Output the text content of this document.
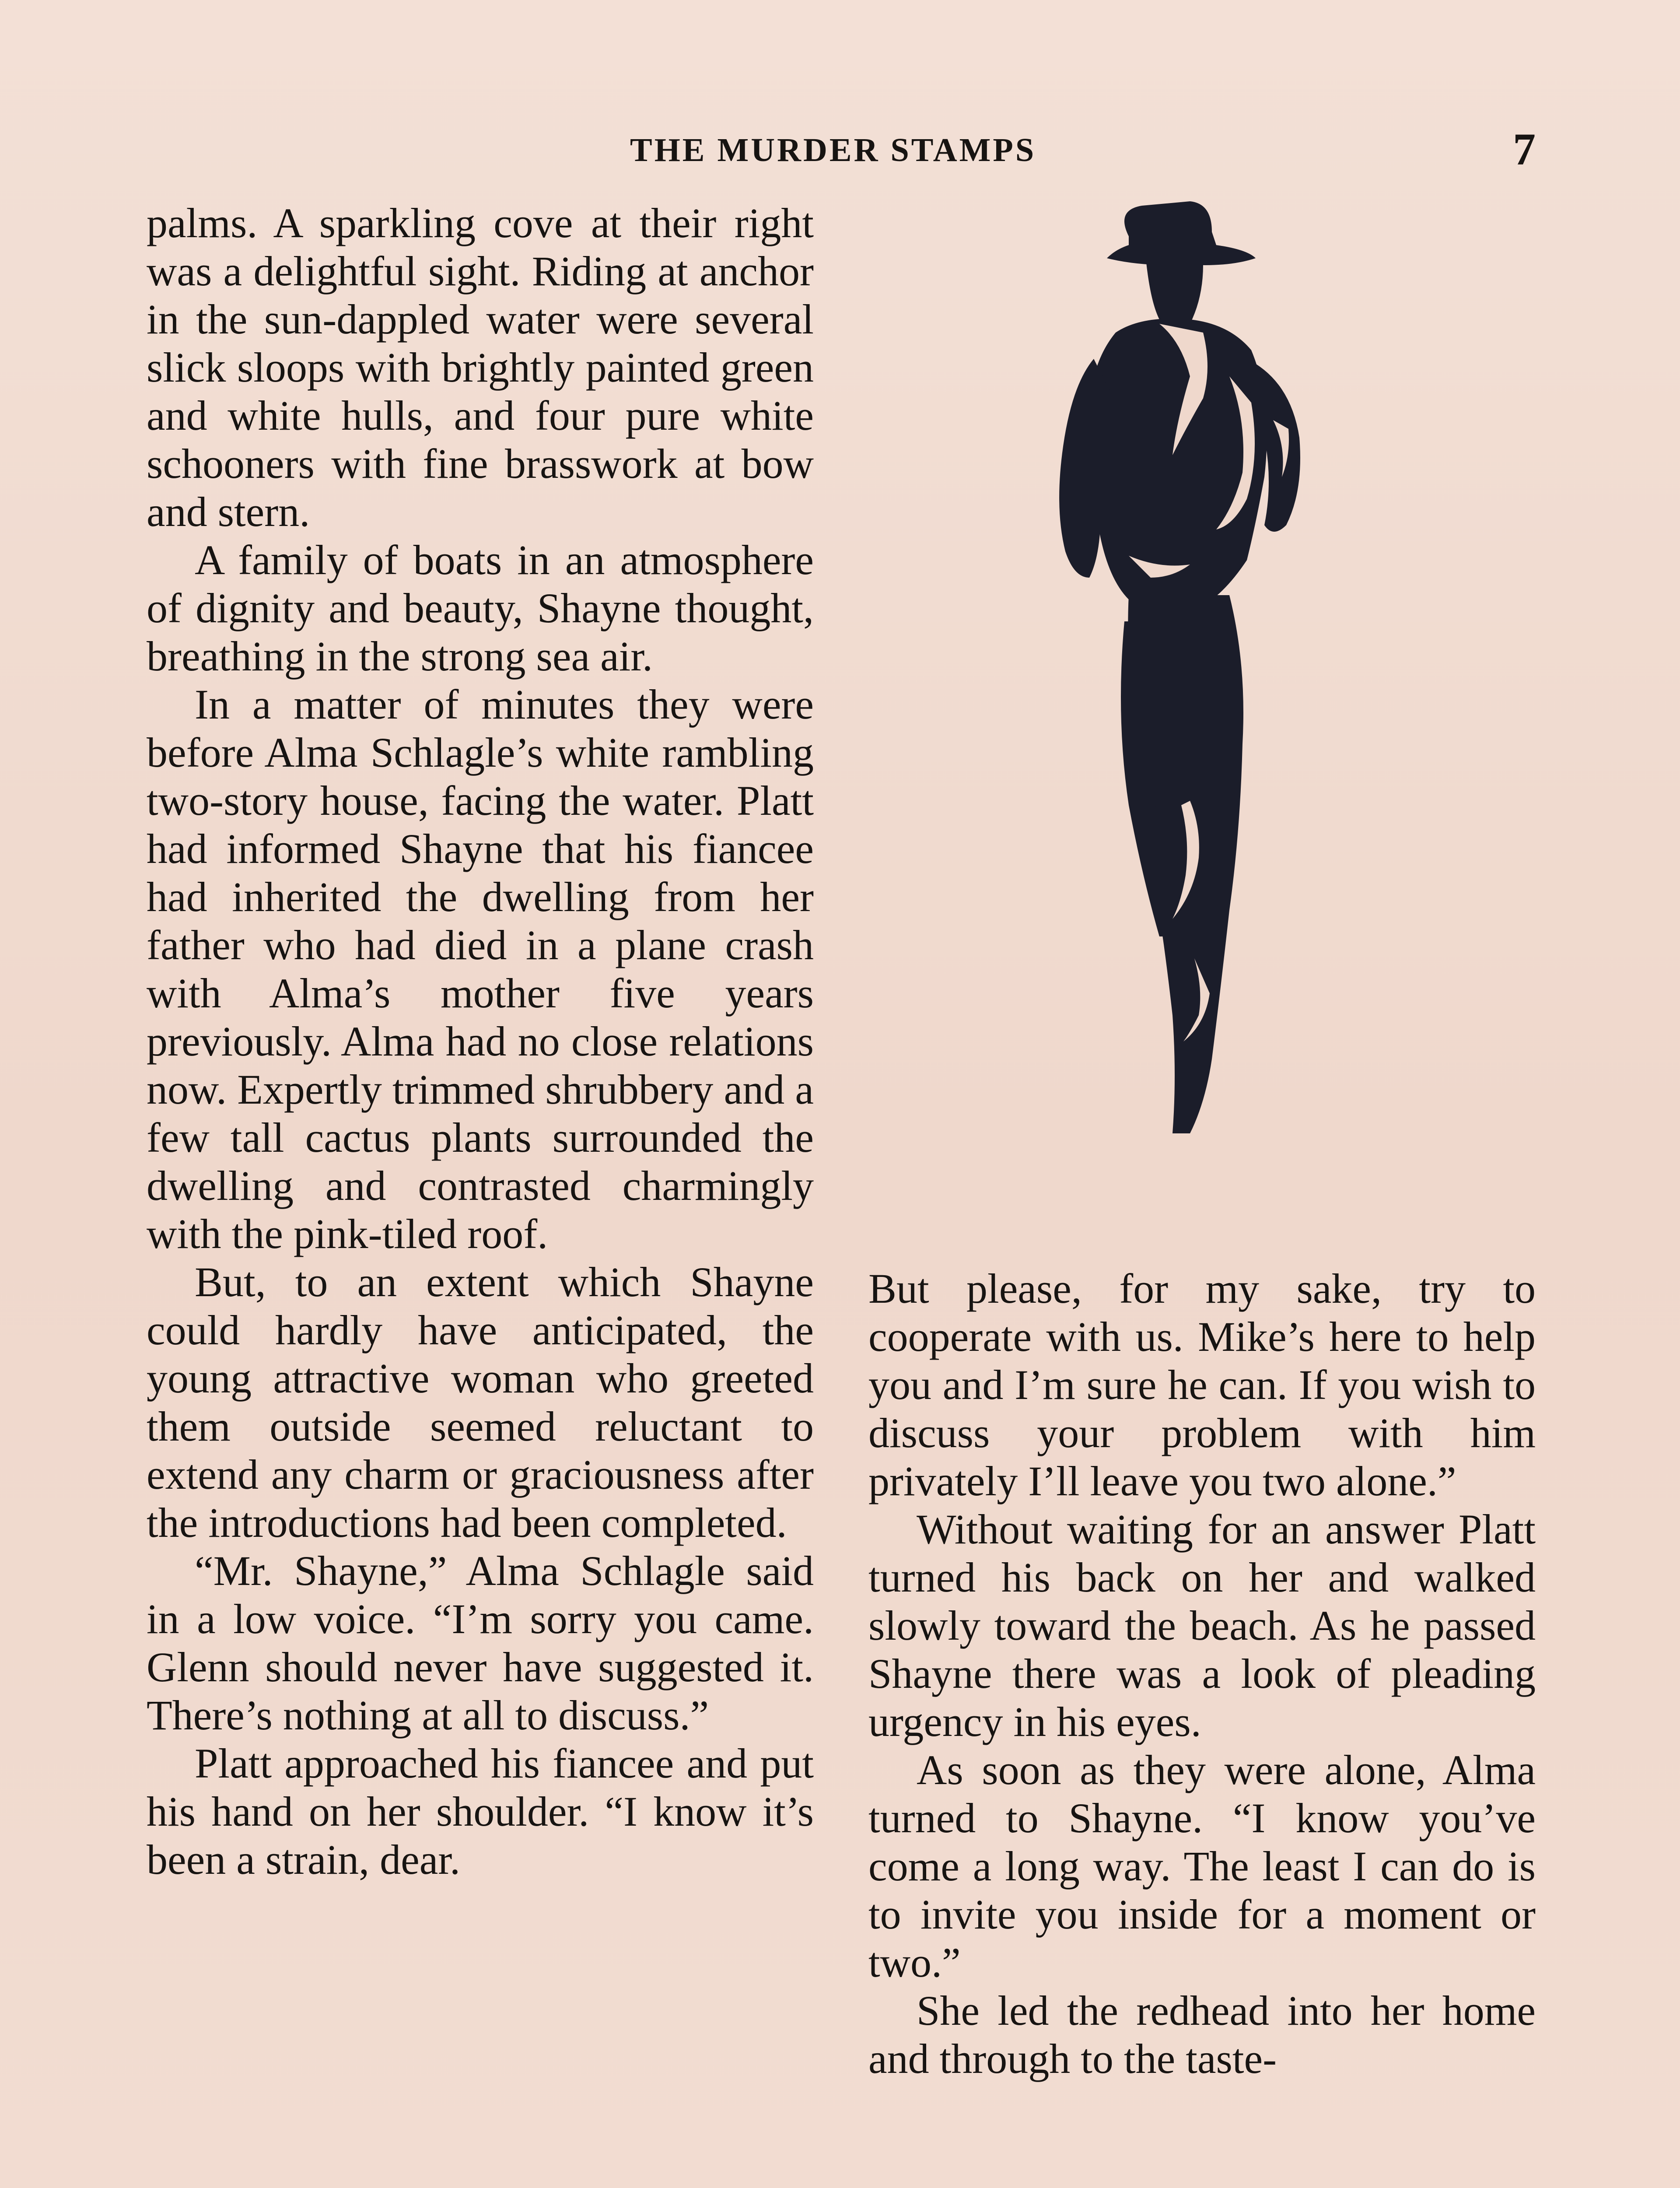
THE MURDER STAMPS	7

palms. A sparkling cove at their right was a delightful sight. Riding at anchor in the sun-dappled water were several slick sloops with brightly painted green and white hulls, and four pure white schooners with fine brasswork at bow and stern.

A family of boats in an atmosphere of dignity and beauty, Shayne thought, breathing in the strong sea air.

In a matter of minutes they were before Alma Schlagle’s white rambling two-story house, facing the water. Platt had informed Shayne that his fiancee had inherited the dwelling from her father who had died in a plane crash with Alma’s mother five years previously. Alma had no close relations now. Expertly trimmed shrubbery and a few tall cactus plants surrounded the dwelling and contrasted charmingly with the pink-tiled roof.

But, to an extent which Shayne could hardly have anticipated, the young attractive woman who greeted them outside seemed reluctant to extend any charm or graciousness after the introductions had been completed.

“Mr. Shayne,” Alma Schlagle said in a low voice. “I’m sorry you came. Glenn should never have suggested it. There’s nothing at all to discuss.”

Platt approached his fiancee and put his hand on her shoulder. “I know it’s been a strain, dear.

But please, for my sake, try to cooperate with us. Mike’s here to help you and I’m sure he can. If you wish to discuss your problem with him privately I’ll leave you two alone.”

Without waiting for an answer Platt turned his back on her and walked slowly toward the beach. As he passed Shayne there was a look of pleading urgency in his eyes.

As soon as they were alone, Alma turned to Shayne. “I know you’ve come a long way. The least I can do is to invite you inside for a moment or two.”

She led the redhead into her home and through to the taste-
